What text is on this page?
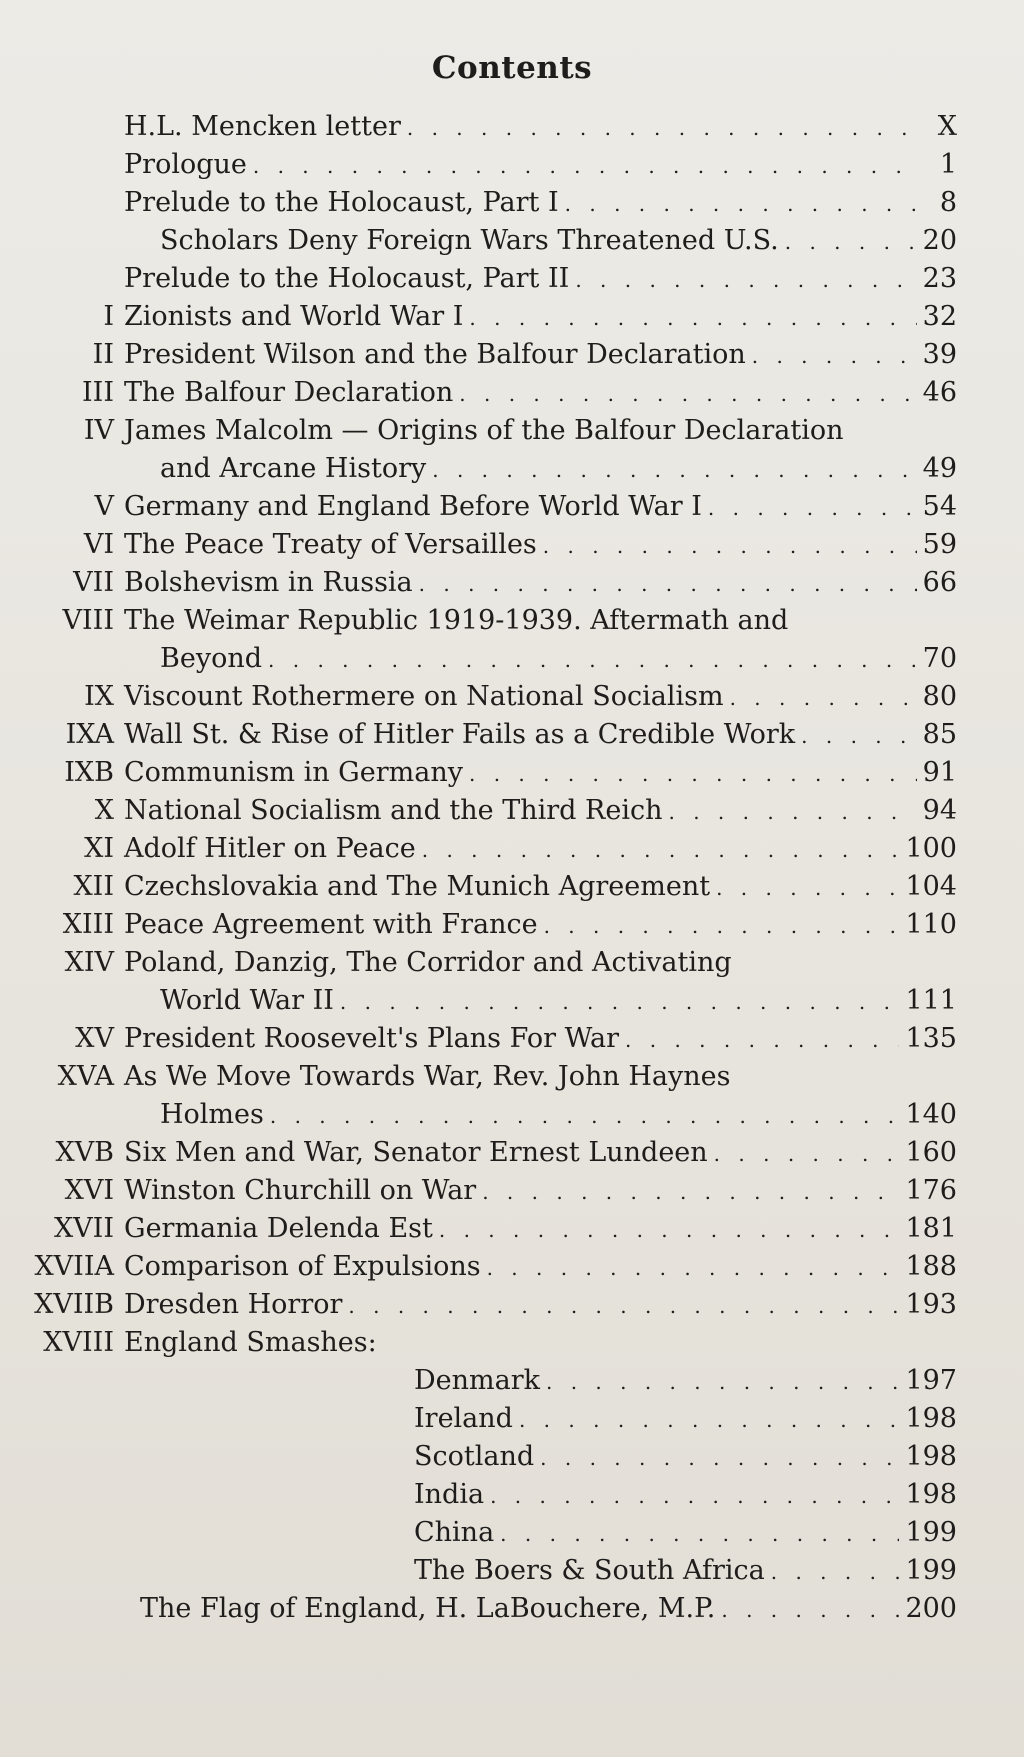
Contents
H.L. Mencken letter . . .	X
Prologue . . .	1
Prelude to the Holocaust, Part I . . .	8
Scholars Deny Foreign Wars Threatened U.S. . . .	20
Prelude to the Holocaust, Part II . . .	23
I Zionists and World War I . . .	32
II President Wilson and the Balfour Declaration . . .	39
III The Balfour Declaration . . .	46
IV James Malcolm — Origins of the Balfour Declaration
and Arcane History . . .	49
V Germany and England Before World War I . . .	54
VI The Peace Treaty of Versailles . . .	59
VII Bolshevism in Russia . . .	66
VIII The Weimar Republic 1919-1939. Aftermath and
Beyond . . .	70
IX Viscount Rothermere on National Socialism . . .	80
IXA Wall St. & Rise of Hitler Fails as a Credible Work . . .	85
IXB Communism in Germany . . .	91
X National Socialism and the Third Reich . . .	94
XI Adolf Hitler on Peace . . .	100
XII Czechslovakia and The Munich Agreement . . .	104
XIII Peace Agreement with France . . .	110
XIV Poland, Danzig, The Corridor and Activating
World War II . . .	111
XV President Roosevelt's Plans For War . . .	135
XVA As We Move Towards War, Rev. John Haynes
Holmes . . .	140
XVB Six Men and War, Senator Ernest Lundeen . . .	160
XVI Winston Churchill on War . . .	176
XVII Germania Delenda Est . . .	181
XVIIA Comparison of Expulsions . . .	188
XVIIB Dresden Horror . . .	193
XVIII England Smashes:
Denmark . . .	197
Ireland . . .	198
Scotland . . .	198
India . . .	198
China . . .	199
The Boers & South Africa . . .	199
The Flag of England, H. LaBouchere, M.P. . . .	200
